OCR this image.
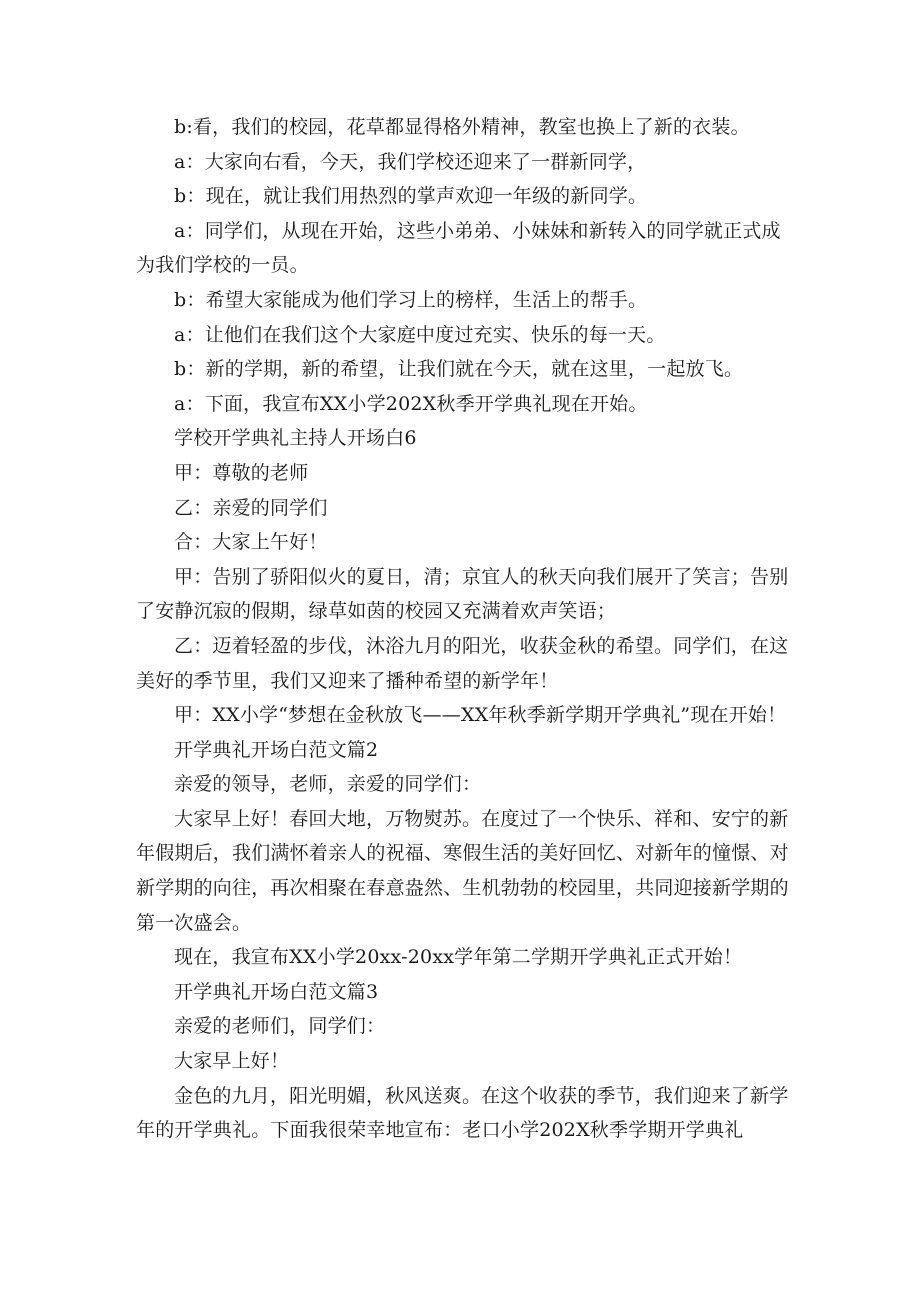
b:看，我们的校园，花草都显得格外精神，教室也换上了新的衣装。

a：大家向右看，今天，我们学校还迎来了一群新同学，

b：现在，就让我们用热烈的掌声欢迎一年级的新同学。

a：同学们，从现在开始，这些小弟弟、小妹妹和新转入的同学就正式成为我们学校的一员。

b：希望大家能成为他们学习上的榜样，生活上的帮手。

a：让他们在我们这个大家庭中度过充实、快乐的每一天。

b：新的学期，新的希望，让我们就在今天，就在这里，一起放飞。

a：下面，我宣布XX小学202X秋季开学典礼现在开始。

学校开学典礼主持人开场白6

甲：尊敬的老师

乙：亲爱的同学们

合：大家上午好！

甲：告别了骄阳似火的夏日，清；京宜人的秋天向我们展开了笑言；告别了安静沉寂的假期，绿草如茵的校园又充满着欢声笑语；

乙：迈着轻盈的步伐，沐浴九月的阳光，收获金秋的希望。同学们，在这美好的季节里，我们又迎来了播种希望的新学年！

甲：XX小学“梦想在金秋放飞——XX年秋季新学期开学典礼”现在开始！

开学典礼开场白范文篇2

亲爱的领导，老师，亲爱的同学们：

大家早上好！春回大地，万物熨苏。在度过了一个快乐、祥和、安宁的新年假期后，我们满怀着亲人的祝福、寒假生活的美好回忆、对新年的憧憬、对新学期的向往，再次相聚在春意盎然、生机勃勃的校园里，共同迎接新学期的第一次盛会。

现在，我宣布XX小学20xx-20xx学年第二学期开学典礼正式开始！

开学典礼开场白范文篇3

亲爱的老师们，同学们：

大家早上好！

金色的九月，阳光明媚，秋风送爽。在这个收获的季节，我们迎来了新学年的开学典礼。下面我很荣幸地宣布：老口小学202X秋季学期开学典礼
